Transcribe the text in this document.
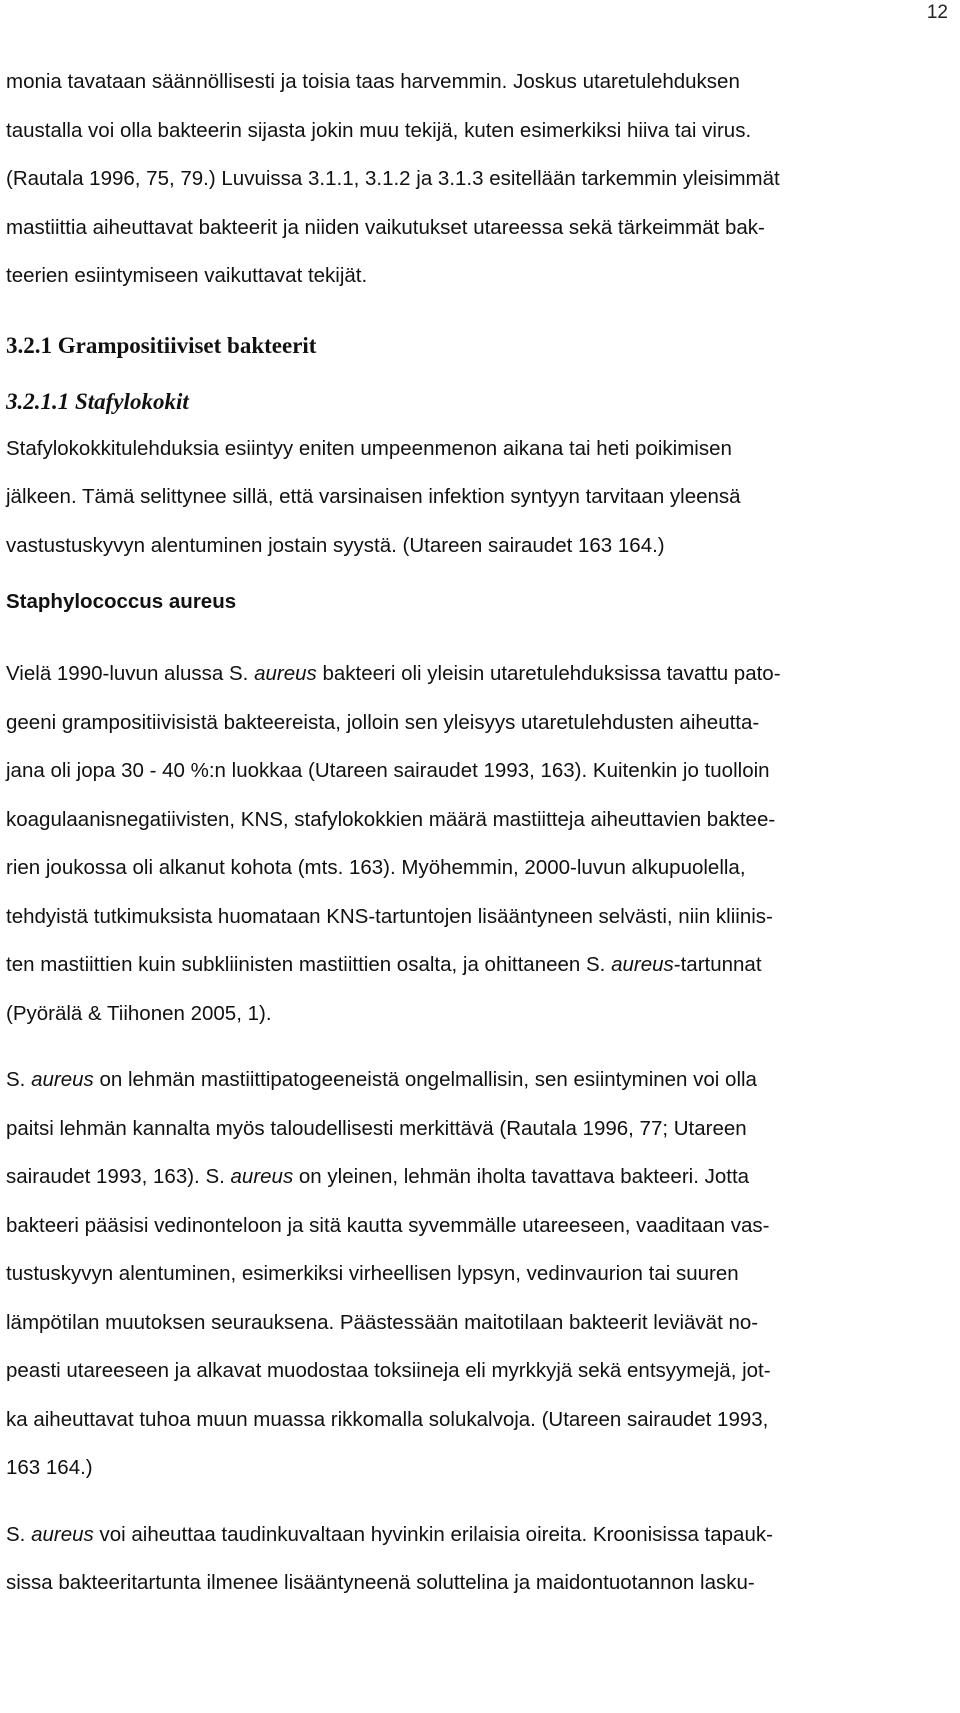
12
monia tavataan säännöllisesti ja toisia taas harvemmin. Joskus utaretulehduksen
taustalla voi olla bakteerin sijasta jokin muu tekijä, kuten esimerkiksi hiiva tai virus.
(Rautala 1996, 75, 79.) Luvuissa 3.1.1, 3.1.2 ja 3.1.3 esitellään tarkemmin yleisimmät
mastiittia aiheuttavat bakteerit ja niiden vaikutukset utareessa sekä tärkeimmät bak-
teerien esiintymiseen vaikuttavat tekijät.
3.2.1 Grampositiiviset bakteerit
3.2.1.1 Stafylokokit
Stafylokokkitulehduksia esiintyy eniten umpeenmenon aikana tai heti poikimisen
jälkeen. Tämä selittynee sillä, että varsinaisen infektion syntyyn tarvitaan yleensä
vastustuskyvyn alentuminen jostain syystä. (Utareen sairaudet 163 164.)
Staphylococcus aureus
Vielä 1990-luvun alussa S. aureus bakteeri oli yleisin utaretulehduksissa tavattu pato-
geeni grampositiivisistä bakteereista, jolloin sen yleisyys utaretulehdusten aiheutta-
jana oli jopa 30 - 40 %:n luokkaa (Utareen sairaudet 1993, 163). Kuitenkin jo tuolloin
koagulaanisnegatiivisten, KNS, stafylokokkien määrä mastiitteja aiheuttavien baktee-
rien joukossa oli alkanut kohota (mts. 163). Myöhemmin, 2000-luvun alkupuolella,
tehdyistä tutkimuksista huomataan KNS-tartuntojen lisääntyneen selvästi, niin kliinis-
ten mastiittien kuin subkliinisten mastiittien osalta, ja ohittaneen S. aureus-tartunnat
(Pyörälä & Tiihonen 2005, 1).
S. aureus on lehmän mastiittipatogeeneistä ongelmallisin, sen esiintyminen voi olla
paitsi lehmän kannalta myös taloudellisesti merkittävä (Rautala 1996, 77; Utareen
sairaudet 1993, 163). S. aureus on yleinen, lehmän iholta tavattava bakteeri. Jotta
bakteeri pääsisi vedinonteloon ja sitä kautta syvemmälle utareeseen, vaaditaan vas-
tustuskyvyn alentuminen, esimerkiksi virheellisen lypsyn, vedinvaurion tai suuren
lämpötilan muutoksen seurauksena. Päästessään maitotilaan bakteerit leviävät no-
peasti utareeseen ja alkavat muodostaa toksiineja eli myrkkyjä sekä entsyymejä, jot-
ka aiheuttavat tuhoa muun muassa rikkomalla solukalvoja. (Utareen sairaudet 1993,
163 164.)
S. aureus voi aiheuttaa taudinkuvaltaan hyvinkin erilaisia oireita. Kroonisissa tapauk-
sissa bakteeritartunta ilmenee lisääntyneenä soluttelina ja maidontuotannon lasku-
